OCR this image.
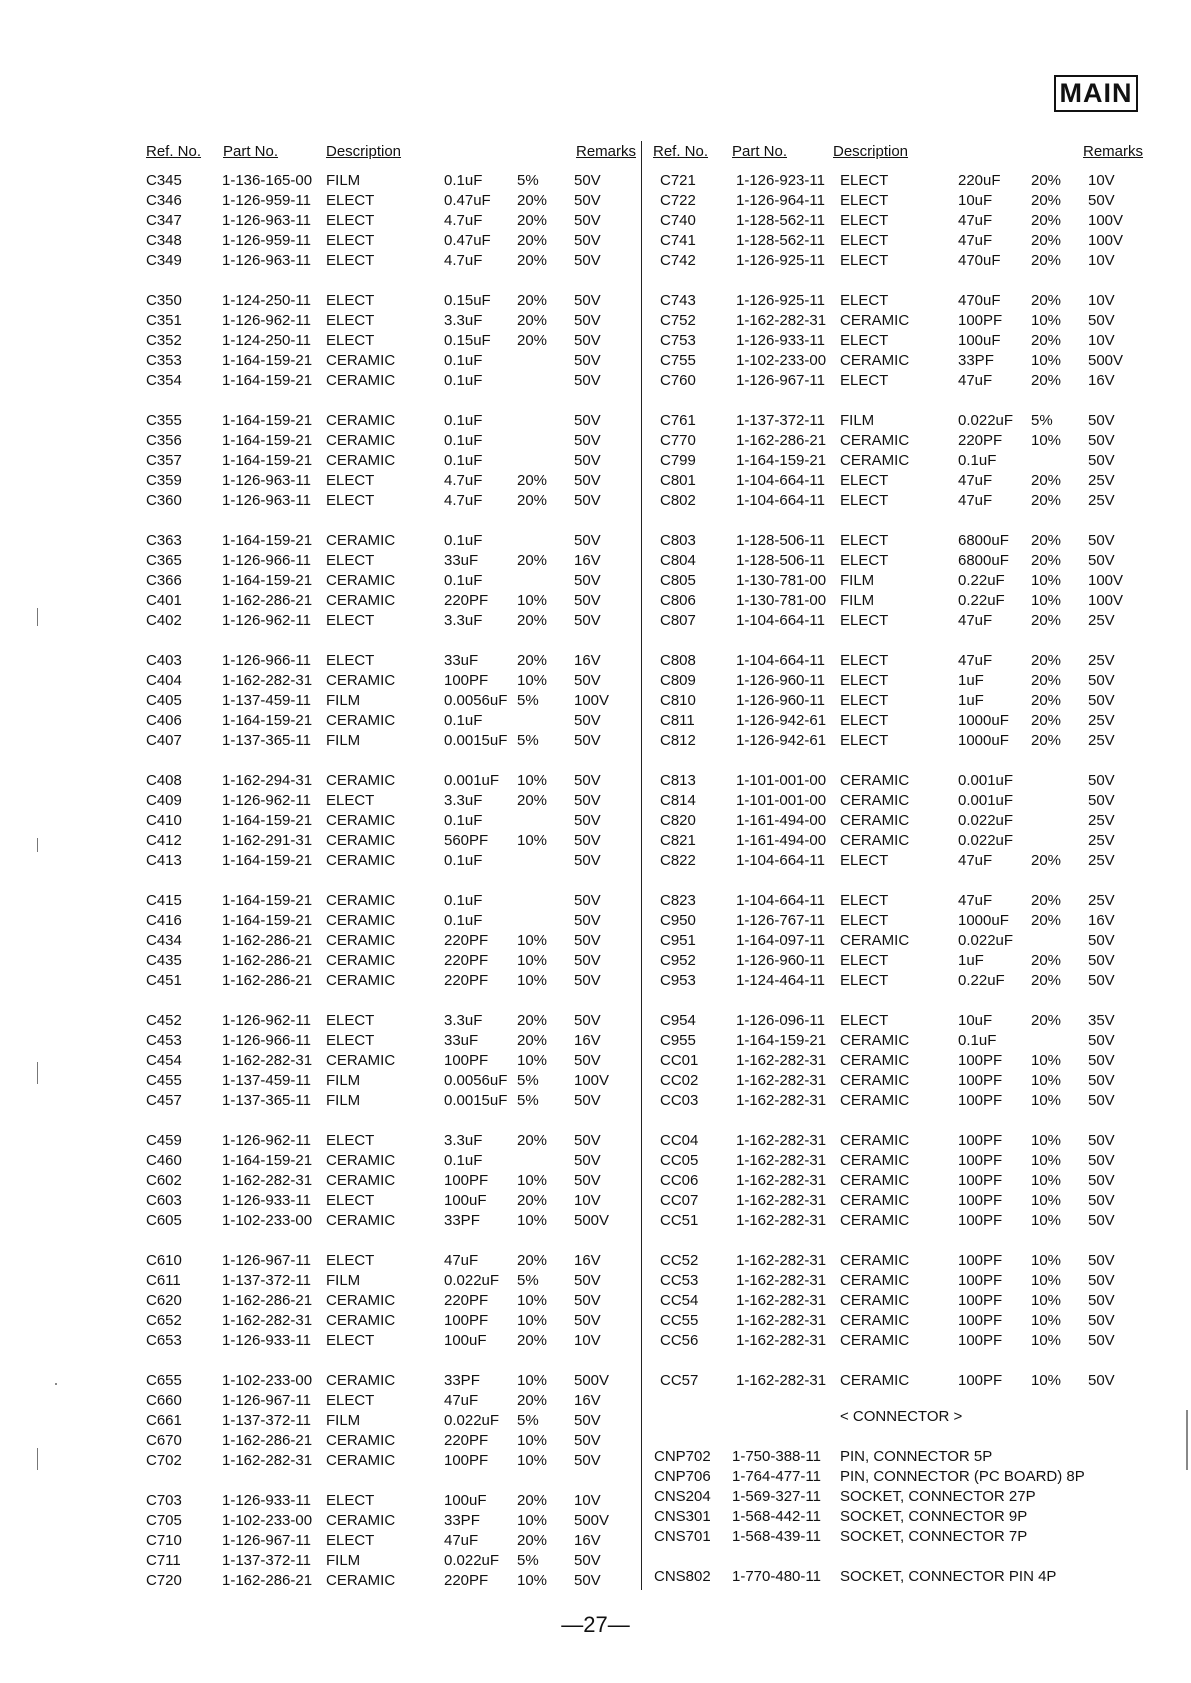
MAIN
Ref. No. Part No.	Description	Remarks Ref. No. Part No.	Description	Remarks
C345	1-136-165-00 FILM	0.1uF 5% 50V
C346	1-126-959-11 ELECT	0.47uF 20% 50V
C347	1-126-963-11 ELECT	4.7uF 20% 50V
C348	1-126-959-11 ELECT	0.47uF 20% 50V
C349	1-126-963-11 ELECT	4.7uF 20% 50V
C350	1-124-250-11 ELECT	0.15uF 20% 50V
C351	1-126-962-11 ELECT	3.3uF 20% 50V
C352	1-124-250-11 ELECT	0.15uF 20% 50V
C353	1-164-159-21 CERAMIC	0.1uF	50V
C354	1-164-159-21 CERAMIC	0.1uF	50V
C355	1-164-159-21 CERAMIC	0.1uF	50V
C356	1-164-159-21 CERAMIC	0.1uF	50V
C357	1-164-159-21 CERAMIC	0.1uF	50V
C359	1-126-963-11 ELECT	4.7uF 20% 50V
C360	1-126-963-11 ELECT	4.7uF 20% 50V
C363	1-164-159-21 CERAMIC	0.1uF	50V
C365	1-126-966-11 ELECT	33uF	20% 16V
C366	1-164-159-21 CERAMIC	0.1uF	50V
C401	1-162-286-21 CERAMIC	220PF 10% 50V
C402	1-126-962-11 ELECT	3.3uF 20% 50V
C403	1-126-966-11 ELECT	33uF	20% 16V
C404	1-162-282-31 CERAMIC	100PF 10% 50V
C405	1-137-459-11 FILM	0.0056uF 5% 100V
C406	1-164-159-21 CERAMIC	0.1uF	50V
C407	1-137-365-11 FILM	0.0015uF 5% 50V
C408	1-162-294-31 CERAMIC	0.001uF 10% 50V
C409	1-126-962-11 ELECT	3.3uF 20% 50V
C410	1-164-159-21 CERAMIC	0.1uF	50V
C412	1-162-291-31 CERAMIC	560PF 10% 50V
C413	1-164-159-21 CERAMIC	0.1uF	50V
C415	1-164-159-21 CERAMIC	0.1uF	50V
C416	1-164-159-21 CERAMIC	0.1uF	50V
C434	1-162-286-21 CERAMIC	220PF 10% 50V
C435	1-162-286-21 CERAMIC	220PF 10% 50V
C451	1-162-286-21 CERAMIC	220PF 10% 50V
C452	1-126-962-11 ELECT	3.3uF 20% 50V
C453	1-126-966-11 ELECT	33uF	20% 16V
C454	1-162-282-31 CERAMIC	100PF 10% 50V
C455	1-137-459-11 FILM	0.0056uF 5% 100V
C457	1-137-365-11 FILM	0.0015uF 5% 50V
C459	1-126-962-11 ELECT	3.3uF 20% 50V
C460	1-164-159-21 CERAMIC	0.1uF	50V
C602	1-162-282-31 CERAMIC	100PF 10% 50V
C603	1-126-933-11 ELECT	100uF 20% 10V
C605	1-102-233-00 CERAMIC	33PF 10% 500V
C610	1-126-967-11 ELECT	47uF	20% 16V
C611	1-137-372-11 FILM	0.022uF 5% 50V
C620	1-162-286-21 CERAMIC	220PF 10% 50V
C652	1-162-282-31 CERAMIC	100PF 10% 50V
C653	1-126-933-11 ELECT	100uF 20% 10V
C655	1-102-233-00 CERAMIC	33PF 10% 500V
C660	1-126-967-11 ELECT	47uF	20% 16V
C661	1-137-372-11 FILM	0.022uF 5% 50V
C670	1-162-286-21 CERAMIC	220PF 10% 50V
C702	1-162-282-31 CERAMIC	100PF 10% 50V
C703	1-126-933-11 ELECT	100uF 20% 10V
C705	1-102-233-00 CERAMIC	33PF 10% 500V
C710	1-126-967-11 ELECT	47uF	20% 16V
C711	1-137-372-11 FILM	0.022uF 5% 50V
C720	1-162-286-21 CERAMIC	220PF 10% 50V
C721	1-126-923-11 ELECT	220uF 20% 10V
C722	1-126-964-11 ELECT	10uF	20% 50V
C740	1-128-562-11 ELECT	47uF	20% 100V
C741	1-128-562-11 ELECT	47uF	20% 100V
C742	1-126-925-11 ELECT	470uF 20% 10V
C743	1-126-925-11 ELECT	470uF 20% 10V
C752	1-162-282-31 CERAMIC	100PF 10% 50V
C753	1-126-933-11 ELECT	100uF 20% 10V
C755	1-102-233-00 CERAMIC	33PF 10% 500V
C760	1-126-967-11 ELECT	47uF	20% 16V
C761	1-137-372-11 FILM	0.022uF 5% 50V
C770	1-162-286-21 CERAMIC	220PF 10% 50V
C799	1-164-159-21 CERAMIC	0.1uF	50V
C801	1-104-664-11 ELECT	47uF	20% 25V
C802	1-104-664-11 ELECT	47uF	20% 25V
C803	1-128-506-11 ELECT	6800uF 20% 50V
C804	1-128-506-11 ELECT	6800uF 20% 50V
C805	1-130-781-00 FILM	0.22uF 10% 100V
C806	1-130-781-00 FILM	0.22uF 10% 100V
C807	1-104-664-11 ELECT	47uF	20% 25V
C808	1-104-664-11 ELECT	47uF	20% 25V
C809	1-126-960-11 ELECT	1uF	20% 50V
C810	1-126-960-11 ELECT	1uF	20% 50V
C811	1-126-942-61 ELECT	1000uF 20% 25V
C812	1-126-942-61 ELECT	1000uF 20% 25V
C813	1-101-001-00 CERAMIC	0.001uF	50V
C814	1-101-001-00 CERAMIC	0.001uF	50V
C820	1-161-494-00 CERAMIC	0.022uF	25V
C821	1-161-494-00 CERAMIC	0.022uF	25V
C822	1-104-664-11 ELECT	47uF	20% 25V
C823	1-104-664-11 ELECT	47uF	20% 25V
C950	1-126-767-11 ELECT	1000uF 20% 16V
C951	1-164-097-11 CERAMIC	0.022uF	50V
C952	1-126-960-11 ELECT	1uF	20% 50V
C953	1-124-464-11 ELECT	0.22uF 20% 50V
C954	1-126-096-11 ELECT	10uF	20% 35V
C955	1-164-159-21 CERAMIC	0.1uF	50V
CC01	1-162-282-31 CERAMIC	100PF 10% 50V
CC02	1-162-282-31 CERAMIC	100PF 10% 50V
CC03	1-162-282-31 CERAMIC	100PF 10% 50V
CC04	1-162-282-31 CERAMIC	100PF 10% 50V
CC05	1-162-282-31 CERAMIC	100PF 10% 50V
CC06	1-162-282-31 CERAMIC	100PF 10% 50V
CC07	1-162-282-31 CERAMIC	100PF 10% 50V
CC51	1-162-282-31 CERAMIC	100PF 10% 50V
CC52	1-162-282-31 CERAMIC	100PF 10% 50V
CC53	1-162-282-31 CERAMIC	100PF 10% 50V
CC54	1-162-282-31 CERAMIC	100PF 10% 50V
CC55	1-162-282-31 CERAMIC	100PF 10% 50V
CC56	1-162-282-31 CERAMIC	100PF 10% 50V
CC57	1-162-282-31 CERAMIC	100PF 10% 50V
< CONNECTOR >
CNP702 1-750-388-11 PIN, CONNECTOR 5P
CNP706 1-764-477-11 PIN, CONNECTOR (PC BOARD) 8P
CNS204 1-569-327-11 SOCKET, CONNECTOR 27P
CNS301 1-568-442-11 SOCKET, CONNECTOR 9P
CNS701 1-568-439-11 SOCKET, CONNECTOR 7P
CNS802 1-770-480-11 SOCKET, CONNECTOR PIN 4P
—27—
